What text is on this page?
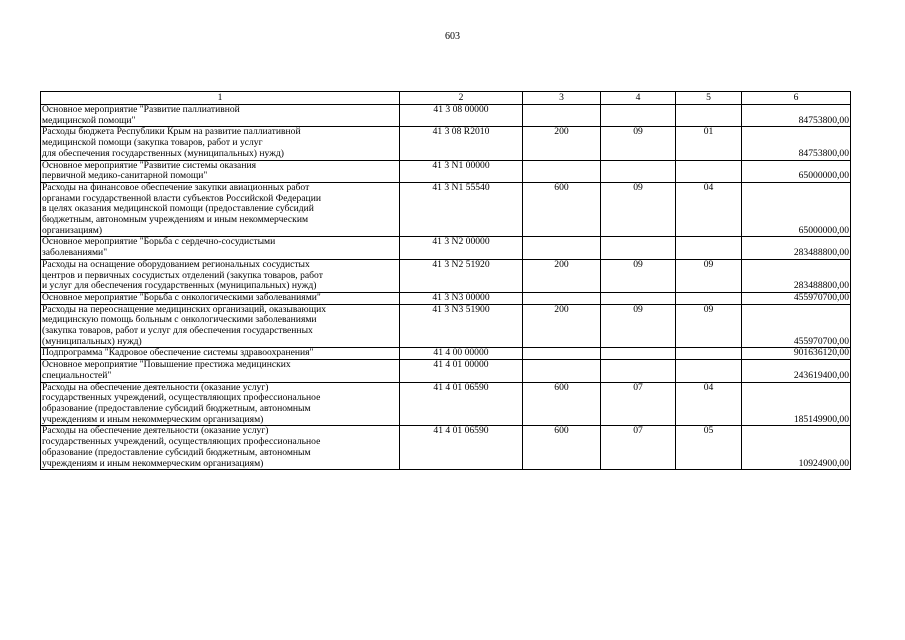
603
1	2	3	4	5	6
Основное мероприятие "Развитие паллиативной
медицинской помощи"	41 3 08 00000				84753800,00
Расходы бюджета Республики Крым на развитие паллиативной
медицинской помощи (закупка товаров, работ и услуг
для обеспечения государственных (муниципальных) нужд)	41 3 08 R2010	200	09	01	84753800,00
Основное мероприятие "Развитие системы оказания
первичной медико-санитарной помощи"	41 3 N1 00000				65000000,00
Расходы на финансовое обеспечение закупки авиационных работ
органами государственной власти субъектов Российской Федерации
в целях оказания медицинской помощи (предоставление субсидий
бюджетным, автономным учреждениям и иным некоммерческим
организациям)	41 3 N1 55540	600	09	04	65000000,00
Основное мероприятие "Борьба с сердечно-сосудистыми
заболеваниями"	41 3 N2 00000				283488800,00
Расходы на оснащение оборудованием региональных сосудистых
центров и первичных сосудистых отделений (закупка товаров, работ
и услуг для обеспечения государственных (муниципальных) нужд)	41 3 N2 51920	200	09	09	283488800,00
Основное мероприятие "Борьба с онкологическими заболеваниями"	41 3 N3 00000				455970700,00
Расходы на переоснащение медицинских организаций, оказывающих
медицинскую помощь больным с онкологическими заболеваниями
(закупка товаров, работ и услуг для обеспечения государственных
(муниципальных) нужд)	41 3 N3 51900	200	09	09	455970700,00
Подпрограмма "Кадровое обеспечение системы здравоохранения"	41 4 00 00000				901636120,00
Основное мероприятие "Повышение престижа медицинских
специальностей"	41 4 01 00000				243619400,00
Расходы на обеспечение деятельности (оказание услуг)
государственных учреждений, осуществляющих профессиональное
образование (предоставление субсидий бюджетным, автономным
учреждениям и иным некоммерческим организациям)	41 4 01 06590	600	07	04	185149900,00
Расходы на обеспечение деятельности (оказание услуг)
государственных учреждений, осуществляющих профессиональное
образование (предоставление субсидий бюджетным, автономным
учреждениям и иным некоммерческим организациям)	41 4 01 06590	600	07	05	10924900,00
